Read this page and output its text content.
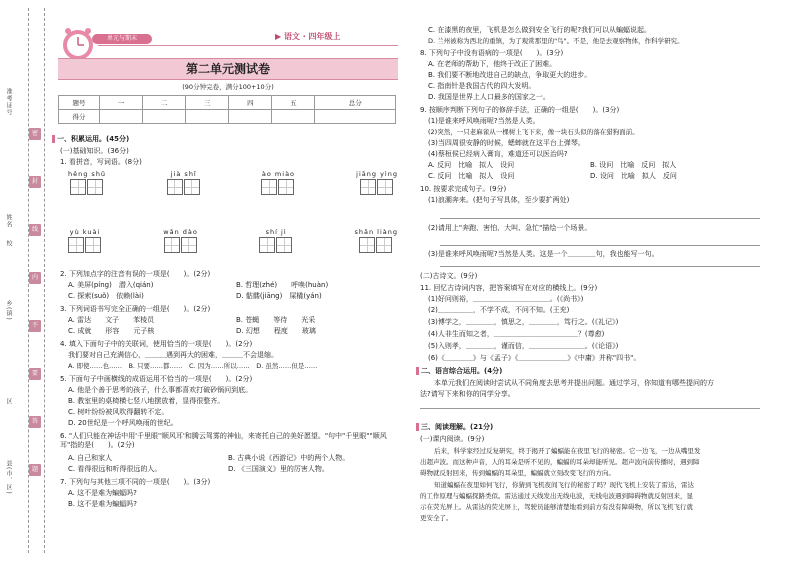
准考证号
姓名
校
乡(镇)
区
县(市、区)
密
封
线
内
不
要
答
题
单元与期末	▶ 语文 · 四年级上
第二单元测试卷
(90分钟完卷，满分100+10分)
题号	一	二	三	四	五	总分
得分						
一、积累运用。(45分)
(一)基础知识。(36分)
1. 看拼音，写词语。(8分)
hěng shǔ	jià shǐ	ào miào	jiāng yìng
yù kuài	wǎn dào	shí jì	shǎn liàng
2. 下列加点字的注音有误的一项是(　　)。(2分)
A. 美屏(píng)　潜入(qián)	B. 哲理(zhé)　　呼唤(huàn)
C. 探索(suǒ)　依赖(lài)	D. 骷髅(jiāng)　屎橇(yán)
3. 下列词语书写完全正确的一组是(　　)。(2分)
A. 雷达　　文子　　苯棱员	B. 苍蝇　　等待　　光采
C. 成就　　形容　　元子核	D. 幻想　　程度　　玻璃
4. 填入下面句子中的关联词，使用恰当的一项是(　　)。(2分)
我们要对自己充满信心，＿＿＿遇到再大的困难，＿＿＿不会退缩。
A. 即使……也……　B. 只要……都……　C. 因为……所以……　D. 虽然……但是……
5. 下面句子中画横线的成语运用不恰当的一项是(　　)。(2分)
A. 他是个善于思考的孩子，什么事都喜欢打破砂锅问到底。
B. 教室里的桌椅横七竖八地摆放着，显得很整齐。
C. 树叶纷纷被风吹得翻转不定。
D. 20世纪是一个呼风唤雨的世纪。
6. "人们只能在神话中用'千里眼''顺风耳'和腾云驾雾的神仙，来寄托自己的美好愿望。"句中"千里眼""顺风耳"指的是(　　)。(2分)
A. 自己和家人	B. 古典小说《西游记》中的两个人物。
C. 看得很远和听得很远的人。	D. 《三国演义》里的厉害人物。
7. 下列句与其他三项不同的一项是(　　)。(3分)
A. 这不是难为蝙蝠吗?
B. 这不是难为蝙蝠吗?
C. 在漆黑的夜里，飞机是怎么做到安全飞行的呢?我们可以从蝙蝠说起。
D. 兰州被称为西北的重镇，为了观赏那里的"鸟"。不是，他是去观察物体，作科学研究。
8. 下列句子中没有语病的一项是(　　)。(3分)
A. 在老师的帮助下，他终于改正了困难。
B. 我们要不断地改进自己的缺点，争取更大的进步。
C. 指南针是我国古代的四大发明。
D. 我国是世界上人口最多的国家之一。
9. 按顺序判断下列句子的修辞手法，正确的一组是(　　)。(3分)
(1)是谁来呼风唤雨呢?当然是人类。
(2)突然，一只老麻雀从一棵树上飞下来，像一块石头似的落在猎狗面前。
(3)当四周很安静的时候，蟋蟀就在这平台上弹琴。
(4)蔡桓侯已经病入膏肓，难道还可以医治吗?
A. 反问　比喻　拟人　设问	B. 设问　比喻　反问　拟人
C. 反问　比喻　拟人　设问	D. 设问　比喻　拟人　反问
10. 按要求完成句子。(9分)
(1)浪潮奔来。(把句子写具体，至少要扩两处)
(2)请用上"奔跑、害怕、大叫、急忙"描绘一个场景。
(3)是谁来呼风唤雨呢?当然是人类。这是一个＿＿＿＿句，我也能写一句。
(二)古诗文。(9分)
11. 回忆古诗词内容，把答案填写在对应的横线上。(9分)
(1)好问则裕，＿＿＿＿＿＿＿＿＿＿＿。(《尚书》)
(2)＿＿＿＿＿，不学不成，不问不知。(王充)
(3)博学之，＿＿＿＿，慎思之，＿＿＿＿，笃行之。(《礼记》)
(4)人非生而知之者，＿＿＿＿＿＿＿＿＿＿＿＿？(尊愈)
(5)入则孝，＿＿＿＿，谨而信，＿＿＿＿＿＿＿＿。(《论语》)
(6)《＿＿＿＿》与《孟子》《＿＿＿＿＿＿＿》《中庸》并称"四书"。
二、语言综合运用。(4分)
本单元我们在阅读时尝试从不同角度去思考并提出问题。通过学习，你知道有哪些提问的方
法?请写下来和你的同学分享。
三、阅读理解。(21分)
(一)课内阅读。(9分)
后来，科学家经过反复研究，终于揭开了蝙蝠能在夜里飞行的秘密。它一边飞，一边从嘴里发
出超声波。而这种声音，人的耳朵是听不见的，蝙蝠的耳朵却能听见。超声波向前传播时，遇到障
碍物就反射回来，传到蝙蝠的耳朵里，蝙蝠就立刻改变飞行的方向。
知道蝙蝠在夜里如何飞行，你猜到飞机夜间飞行的秘密了吗？现代飞机上安装了雷达，雷达
的工作原理与蝙蝠探路类似。雷达通过天线发出无线电波，无线电波遇到障碍物就反射回来，显
示在荧光屏上。从雷达的荧光屏上，驾驶员能够清楚地看到前方有没有障碍物，所以飞机飞行就
更安全了。
